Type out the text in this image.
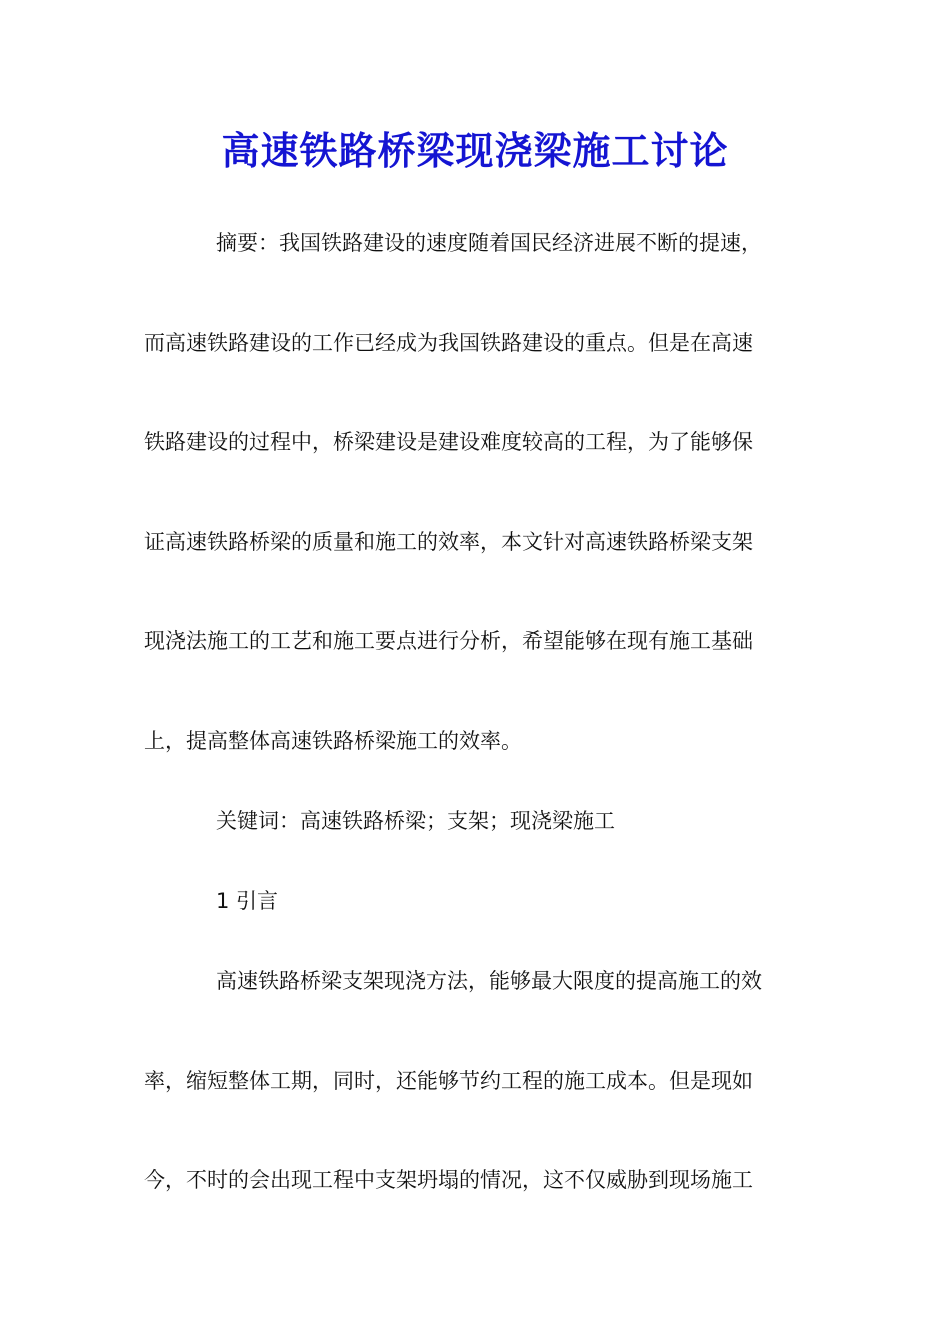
高速铁路桥梁现浇梁施工讨论

摘要：我国铁路建设的速度随着国民经济进展不断的提速，

而高速铁路建设的工作已经成为我国铁路建设的重点。但是在高速

铁路建设的过程中，桥梁建设是建设难度较高的工程，为了能够保

证高速铁路桥梁的质量和施工的效率，本文针对高速铁路桥梁支架

现浇法施工的工艺和施工要点进行分析，希望能够在现有施工基础

上，提高整体高速铁路桥梁施工的效率。

关键词：高速铁路桥梁；支架；现浇梁施工

1 引言

高速铁路桥梁支架现浇方法，能够最大限度的提高施工的效

率，缩短整体工期，同时，还能够节约工程的施工成本。但是现如

今，不时的会出现工程中支架坍塌的情况，这不仅威胁到现场施工
